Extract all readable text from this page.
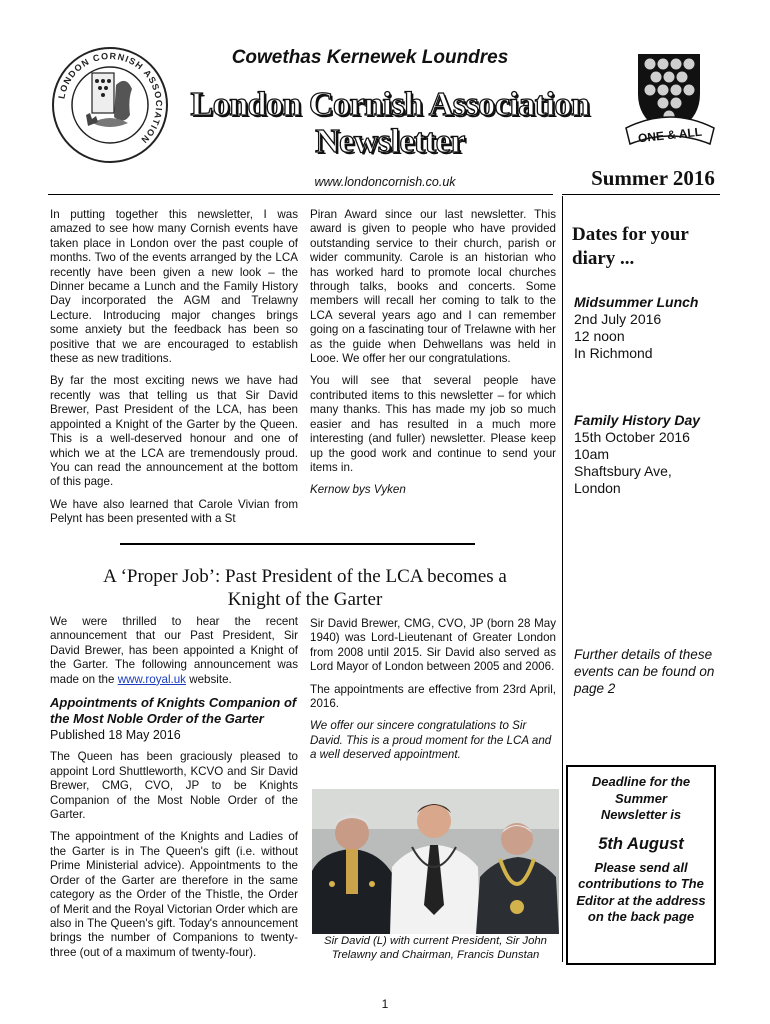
LONDON CORNISH ASSOCIATION	ONE & ALL
Cowethas Kernewek Loundres
London Cornish Association
Newsletter
www.londoncornish.co.uk	Summer 2016

In putting together this newsletter, I was amazed to see how many Cornish events have taken place in London over the past couple of months. Two of the events arranged by the LCA recently have been given a new look – the Dinner became a Lunch and the Family History Day incorporated the AGM and Trelawny Lecture. Introducing major changes brings some anxiety but the feedback has been so positive that we are encouraged to establish these as new traditions.

By far the most exciting news we have had recently was that telling us that Sir David Brewer, Past President of the LCA, has been appointed a Knight of the Garter by the Queen. This is a well-deserved honour and one of which we at the LCA are tremendously proud. You can read the announcement at the bottom of this page.

We have also learned that Carole Vivian from Pelynt has been presented with a St

Piran Award since our last newsletter. This award is given to people who have provided outstanding service to their church, parish or wider community. Carole is an historian who has worked hard to promote local churches through talks, books and concerts. Some members will recall her coming to talk to the LCA several years ago and I can remember going on a fascinating tour of Trelawne with her as the guide when Dehwellans was held in Looe. We offer her our congratulations.

You will see that several people have contributed items to this newsletter – for which many thanks. This has made my job so much easier and has resulted in a much more interesting (and fuller) newsletter. Please keep up the good work and continue to send your items in.

Kernow bys Vyken

Dates for your
diary ...
Midsummer Lunch
2nd July 2016
12 noon
In Richmond
Family History Day
15th October 2016
10am
Shaftsbury Ave,
London
Further details of these events can be found on page 2
Deadline for the Summer Newsletter is
5th August
Please send all contributions to The Editor at the address on the back page
A ‘Proper Job’: Past President of the LCA becomes a
Knight of the Garter

We were thrilled to hear the recent announcement that our Past President, Sir David Brewer, has been appointed a Knight of the Garter. The following announcement was made on the www.royal.uk website.

Appointments of Knights Companion of the Most Noble Order of the Garter

Published 18 May 2016

The Queen has been graciously pleased to appoint Lord Shuttleworth, KCVO and Sir David Brewer, CMG, CVO, JP to be Knights Companion of the Most Noble Order of the Garter.

The appointment of the Knights and Ladies of the Garter is in The Queen's gift (i.e. without Prime Ministerial advice). Appointments to the Order of the Garter are therefore in the same category as the Order of the Thistle, the Order of Merit and the Royal Victorian Order which are also in The Queen's gift. Today's announcement brings the number of Companions to twenty-three (out of a maximum of twenty-four).

Sir David Brewer, CMG, CVO, JP (born 28 May 1940) was Lord-Lieutenant of Greater London from 2008 until 2015. Sir David also served as Lord Mayor of London between 2005 and 2006.

The appointments are effective from 23rd April, 2016.

We offer our sincere congratulations to Sir David. This is a proud moment for the LCA and a well deserved appointment.

Sir David (L) with current President, Sir John Trelawny and Chairman, Francis Dunstan
1
